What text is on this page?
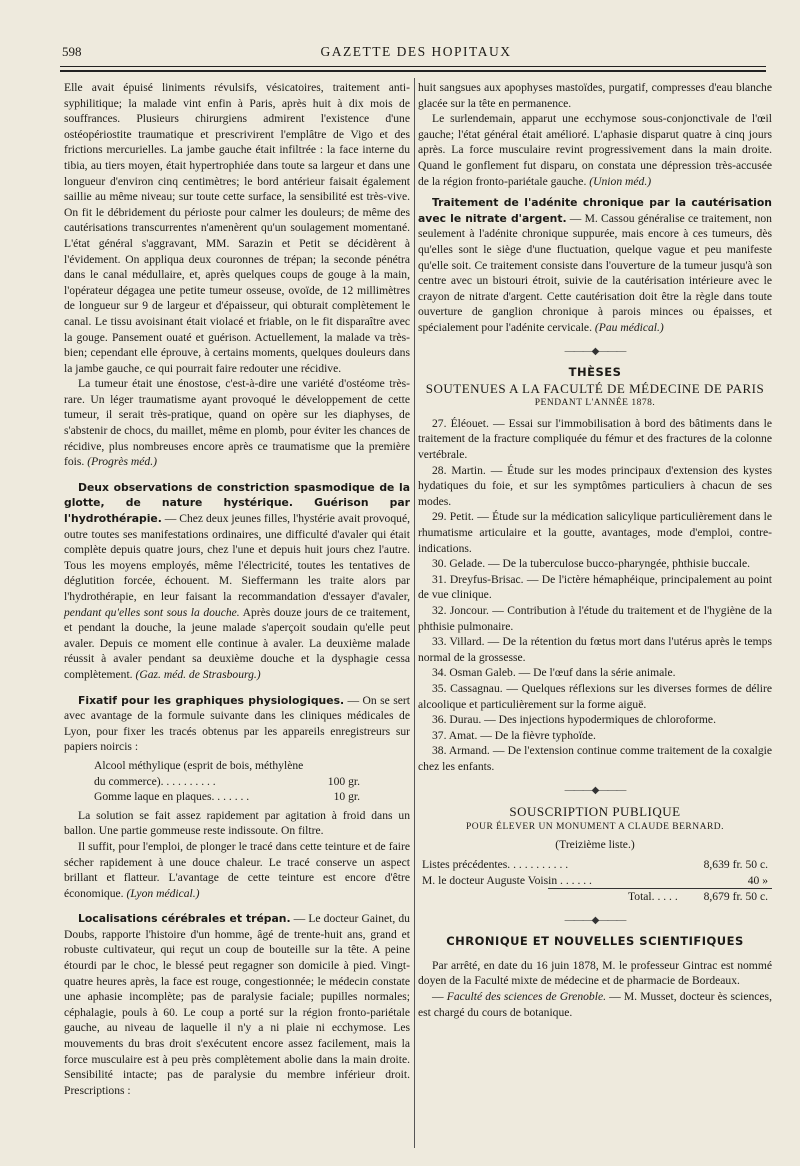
598	GAZETTE DES HOPITAUX

Elle avait épuisé liniments révulsifs, vésicatoires, traitement anti-syphilitique; la malade vint enfin à Paris, après huit à dix mois de souffrances. Plusieurs chirurgiens admirent l'existence d'une ostéopériostite traumatique et prescrivirent l'emplâtre de Vigo et des frictions mercurielles. La jambe gauche était infiltrée : la face interne du tibia, au tiers moyen, était hypertrophiée dans toute sa largeur et dans une longueur d'environ cinq centimètres; le bord antérieur faisait également saillie au même niveau; sur toute cette surface, la sensibilité est très-vive. On fit le débridement du périoste pour calmer les douleurs; de même des cautérisations transcurrentes n'amenèrent qu'un soulagement momentané. L'état général s'aggravant, MM. Sarazin et Petit se décidèrent à l'évidement. On appliqua deux couronnes de trépan; la seconde pénétra dans le canal médullaire, et, après quelques coups de gouge à la main, l'opérateur dégagea une petite tumeur osseuse, ovoïde, de 12 millimètres de longueur sur 9 de largeur et d'épaisseur, qui obturait complètement le canal. Le tissu avoisinant était violacé et friable, on le fit disparaître avec la gouge. Pansement ouaté et guérison. Actuellement, la malade va très-bien; cependant elle éprouve, à certains moments, quelques douleurs dans la jambe gauche, ce qui pourrait faire redouter une récidive.

La tumeur était une énostose, c'est-à-dire une variété d'ostéome très-rare. Un léger traumatisme ayant provoqué le développement de cette tumeur, il serait très-pratique, quand on opère sur les diaphyses, de s'abstenir de chocs, du maillet, même en plomb, pour éviter les chances de récidive, plus nombreuses encore après ce traumatisme que la première fois. (Progrès méd.)

Deux observations de constriction spasmodique de la glotte, de nature hystérique. Guérison par l'hydrothérapie. — Chez deux jeunes filles, l'hystérie avait provoqué, outre toutes ses manifestations ordinaires, une difficulté d'avaler qui était complète depuis quatre jours, chez l'une et depuis huit jours chez l'autre. Tous les moyens employés, même l'électricité, toutes les tentatives de déglutition forcée, échouent. M. Sieffermann les traite alors par l'hydrothérapie, en leur faisant la recommandation d'essayer d'avaler, pendant qu'elles sont sous la douche. Après douze jours de ce traitement, et pendant la douche, la jeune malade s'aperçoit soudain qu'elle peut avaler. Depuis ce moment elle continue à avaler. La deuxième malade réussit à avaler pendant sa deuxième douche et la dysphagie cessa complètement. (Gaz. méd. de Strasbourg.)

Fixatif pour les graphiques physiologiques. — On se sert avec avantage de la formule suivante dans les cliniques médicales de Lyon, pour fixer les tracés obtenus par les appareils enregistreurs sur papiers noircis :

Alcool méthylique (esprit de bois, méthylène

du commerce). . . . . . . . . .	100 gr.
Gomme laque en plaques. . . . . . .	10 gr.

La solution se fait assez rapidement par agitation à froid dans un ballon. Une partie gommeuse reste indissoute. On filtre.

Il suffit, pour l'emploi, de plonger le tracé dans cette teinture et de faire sécher rapidement à une douce chaleur. Le tracé conserve un aspect brillant et flatteur. L'avantage de cette teinture est encore d'être économique. (Lyon médical.)

Localisations cérébrales et trépan. — Le docteur Gainet, du Doubs, rapporte l'histoire d'un homme, âgé de trente-huit ans, grand et robuste cultivateur, qui reçut un coup de bouteille sur la tête. A peine étourdi par le choc, le blessé peut regagner son domicile à pied. Vingt-quatre heures après, la face est rouge, congestionnée; le médecin constate une aphasie incomplète; pas de paralysie faciale; pupilles normales; céphalagie, pouls à 60. Le coup a porté sur la région fronto-pariétale gauche, au niveau de laquelle il n'y a ni plaie ni ecchymose. Les mouvements du bras droit s'exécutent encore assez facilement, mais la force musculaire est à peu près complètement abolie dans la main droite. Sensibilité intacte; pas de paralysie du membre inférieur droit. Prescriptions :

huit sangsues aux apophyses mastoïdes, purgatif, compresses d'eau blanche glacée sur la tête en permanence.

Le surlendemain, apparut une ecchymose sous-conjonctivale de l'œil gauche; l'état général était amélioré. L'aphasie disparut quatre à cinq jours après. La force musculaire revint progressivement dans la main droite. Quand le gonflement fut disparu, on constata une dépression très-accusée de la région fronto-pariétale gauche. (Union méd.)

Traitement de l'adénite chronique par la cautérisation avec le nitrate d'argent. — M. Cassou généralise ce traitement, non seulement à l'adénite chronique suppurée, mais encore à ces tumeurs, dès qu'elles sont le siège d'une fluctuation, quelque vague et peu manifeste qu'elle soit. Ce traitement consiste dans l'ouverture de la tumeur jusqu'à son centre avec un bistouri étroit, suivie de la cautérisation intérieure avec le crayon de nitrate d'argent. Cette cautérisation doit être la règle dans toute ouverture de ganglion chronique à parois minces ou épaisses, et spécialement pour l'adénite cervicale. (Pau médical.)

———◆———

THÈSES

SOUTENUES A LA FACULTÉ DE MÉDECINE DE PARIS

PENDANT L'ANNÉE 1878.

27. Éléouet. — Essai sur l'immobilisation à bord des bâtiments dans le traitement de la fracture compliquée du fémur et des fractures de la colonne vertébrale.

28. Martin. — Étude sur les modes principaux d'extension des kystes hydatiques du foie, et sur les symptômes particuliers à chacun de ses modes.

29. Petit. — Étude sur la médication salicylique particulièrement dans le rhumatisme articulaire et la goutte, avantages, mode d'emploi, contre-indications.

30. Gelade. — De la tuberculose bucco-pharyngée, phthisie buccale.

31. Dreyfus-Brisac. — De l'ictère hémaphéique, principalement au point de vue clinique.

32. Joncour. — Contribution à l'étude du traitement et de l'hygiène de la phthisie pulmonaire.

33. Villard. — De la rétention du fœtus mort dans l'utérus après le temps normal de la grossesse.

34. Osman Galeb. — De l'œuf dans la série animale.

35. Cassagnau. — Quelques réflexions sur les diverses formes de délire alcoolique et particulièrement sur la forme aiguë.

36. Durau. — Des injections hypodermiques de chloroforme.

37. Amat. — De la fièvre typhoïde.

38. Armand. — De l'extension continue comme traitement de la coxalgie chez les enfants.

———◆———

SOUSCRIPTION PUBLIQUE

POUR ÉLEVER UN MONUMENT A CLAUDE BERNARD.

(Treizième liste.)

Listes précédentes. . . . . . . . . . .	8,639 fr. 50 c.
M. le docteur Auguste Voisin . . . . . .	40 »
Total. . . . . 8,679 fr. 50 c.
———◆———

CHRONIQUE ET NOUVELLES SCIENTIFIQUES

Par arrêté, en date du 16 juin 1878, M. le professeur Gintrac est nommé doyen de la Faculté mixte de médecine et de pharmacie de Bordeaux.

— Faculté des sciences de Grenoble. — M. Musset, docteur ès sciences, est chargé du cours de botanique.
